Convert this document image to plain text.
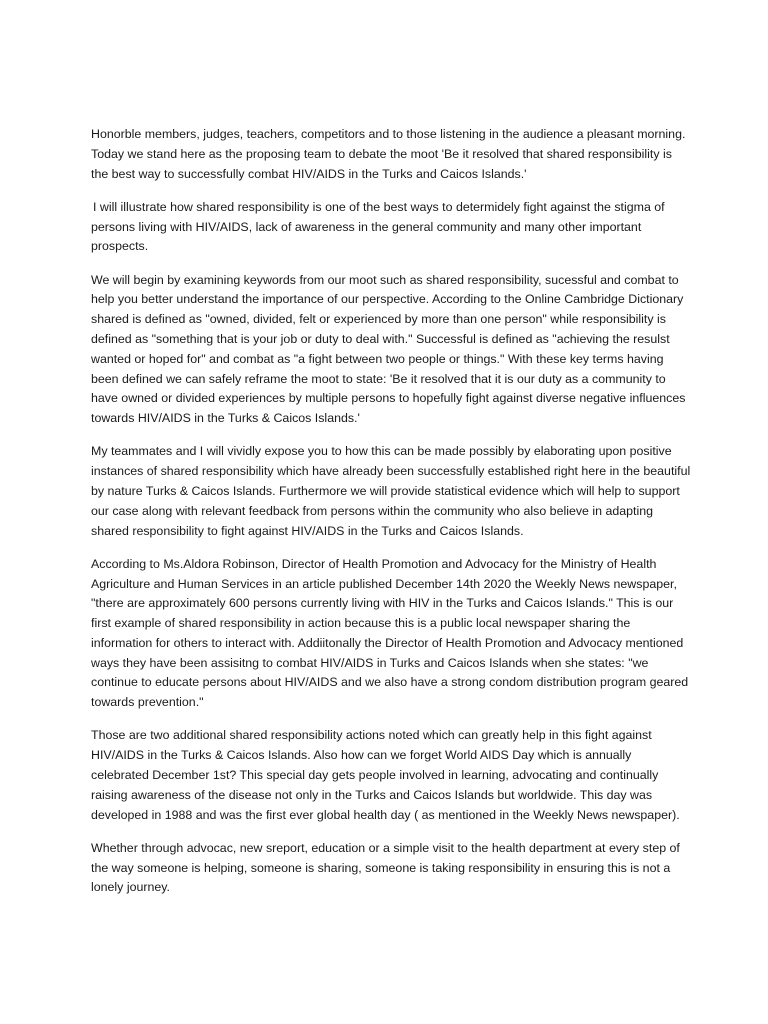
Honorble members, judges, teachers, competitors and to those listening in the audience a pleasant morning. Today we stand here as the proposing team to debate the moot 'Be it resolved that shared responsibility is the best way to successfully combat HIV/AIDS in the Turks and Caicos Islands.'

I will illustrate how shared responsibility is one of the best ways to determidely fight against the stigma of persons living with HIV/AIDS, lack of awareness in the general community and many other important prospects.

We will begin by examining keywords from our moot such as shared responsibility, sucessful and combat to help you better understand the importance of our perspective. According to the Online Cambridge Dictionary shared is defined as "owned, divided, felt or experienced by more than one person" while responsibility is defined as "something that is your job or duty to deal with." Successful is defined as "achieving the resulst wanted or hoped for" and combat as "a fight between two people or things." With these key terms having been defined we can safely reframe the moot to state: 'Be it resolved that it is our duty as a community to have owned or divided experiences by multiple persons to hopefully fight against diverse negative influences towards HIV/AIDS in the Turks & Caicos Islands.'

My teammates and I will vividly expose you to how this can be made possibly by elaborating upon positive instances of shared responsibility which have already been successfully established right here in the beautiful by nature Turks & Caicos Islands. Furthermore we will provide statistical evidence which will help to support our case along with relevant feedback from persons within the community who also believe in adapting shared responsibility to fight against HIV/AIDS in the Turks and Caicos Islands.

According to Ms.Aldora Robinson, Director of Health Promotion and Advocacy for the Ministry of Health Agriculture and Human Services in an article published December 14th 2020 the Weekly News newspaper, "there are approximately 600 persons currently living with HIV in the Turks and Caicos Islands." This is our first example of shared responsibility in action because this is a public local newspaper sharing the information for others to interact with. Addiitonally the Director of Health Promotion and Advocacy mentioned ways they have been assisitng to combat HIV/AIDS in Turks and Caicos Islands when she states: "we continue to educate persons about HIV/AIDS and we also have a strong condom distribution program geared towards prevention."

Those are two additional shared responsibility actions noted which can greatly help in this fight against HIV/AIDS in the Turks & Caicos Islands. Also how can we forget World AIDS Day which is annually celebrated December 1st? This special day gets people involved in learning, advocating and continually raising awareness of the disease not only in the Turks and Caicos Islands but worldwide. This day was developed in 1988 and was the first ever global health day ( as mentioned in the Weekly News newspaper).

Whether through advocac, new sreport, education or a simple visit to the health department at every step of the way someone is helping, someone is sharing, someone is taking responsibility in ensuring this is not a lonely journey.
